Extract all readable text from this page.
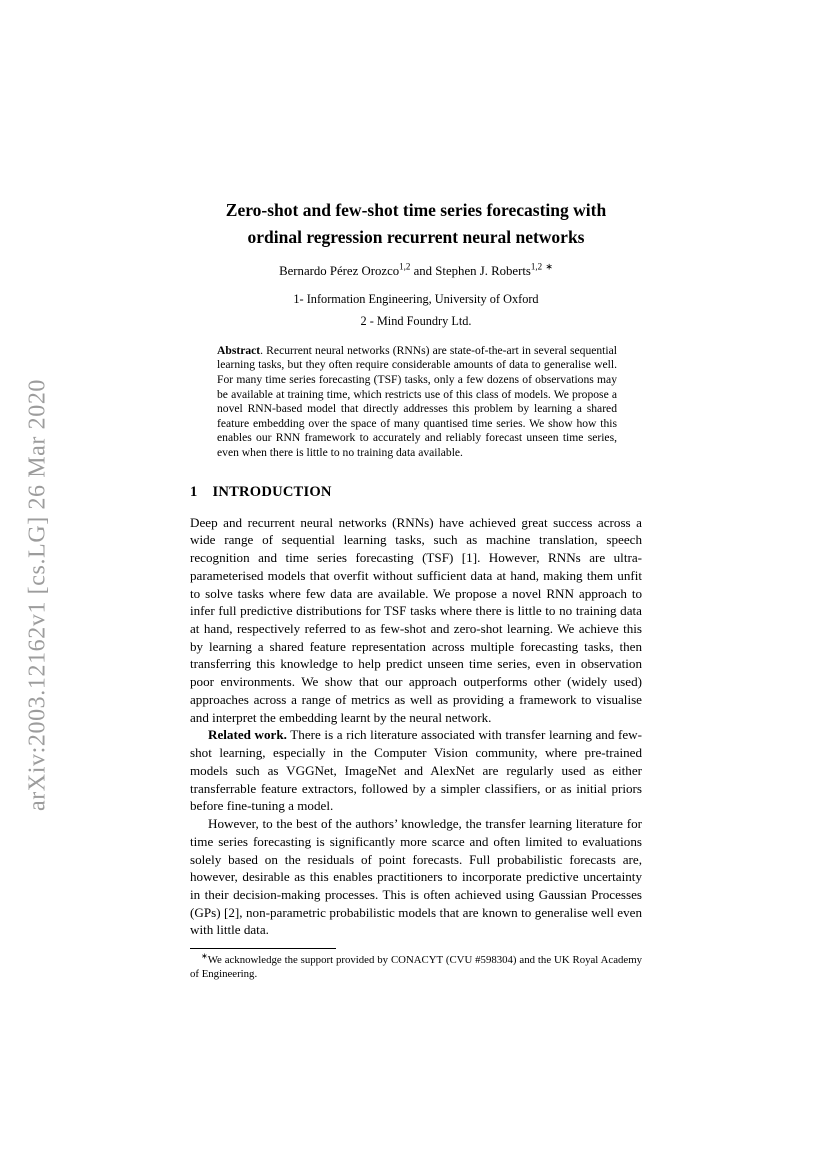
arXiv:2003.12162v1 [cs.LG] 26 Mar 2020
Zero-shot and few-shot time series forecasting with
ordinal regression recurrent neural networks
Bernardo Pérez Orozco$^{1,2}$ and Stephen J. Roberts$^{1,2}$ ∗
1- Information Engineering, University of Oxford
2 - Mind Foundry Ltd.
Abstract. Recurrent neural networks (RNNs) are state-of-the-art in several sequential learning tasks, but they often require considerable amounts of data to generalise well. For many time series forecasting (TSF) tasks, only a few dozens of observations may be available at training time, which restricts use of this class of models. We propose a novel RNN-based model that directly addresses this problem by learning a shared feature embedding over the space of many quantised time series. We show how this enables our RNN framework to accurately and reliably forecast unseen time series, even when there is little to no training data available.
1 INTRODUCTION

Deep and recurrent neural networks (RNNs) have achieved great success across a wide range of sequential learning tasks, such as machine translation, speech recognition and time series forecasting (TSF) [1]. However, RNNs are ultra-parameterised models that overfit without sufficient data at hand, making them unfit to solve tasks where few data are available. We propose a novel RNN approach to infer full predictive distributions for TSF tasks where there is little to no training data at hand, respectively referred to as few-shot and zero-shot learning. We achieve this by learning a shared feature representation across multiple forecasting tasks, then transferring this knowledge to help predict unseen time series, even in observation poor environments. We show that our approach outperforms other (widely used) approaches across a range of metrics as well as providing a framework to visualise and interpret the embedding learnt by the neural network.

Related work. There is a rich literature associated with transfer learning and few-shot learning, especially in the Computer Vision community, where pre-trained models such as VGGNet, ImageNet and AlexNet are regularly used as either transferrable feature extractors, followed by a simpler classifiers, or as initial priors before fine-tuning a model.

However, to the best of the authors’ knowledge, the transfer learning literature for time series forecasting is significantly more scarce and often limited to evaluations solely based on the residuals of point forecasts. Full probabilistic forecasts are, however, desirable as this enables practitioners to incorporate predictive uncertainty in their decision-making processes. This is often achieved using Gaussian Processes (GPs) [2], non-parametric probabilistic models that are known to generalise well even with little data.

∗We acknowledge the support provided by CONACYT (CVU #598304) and the UK Royal Academy of Engineering.
